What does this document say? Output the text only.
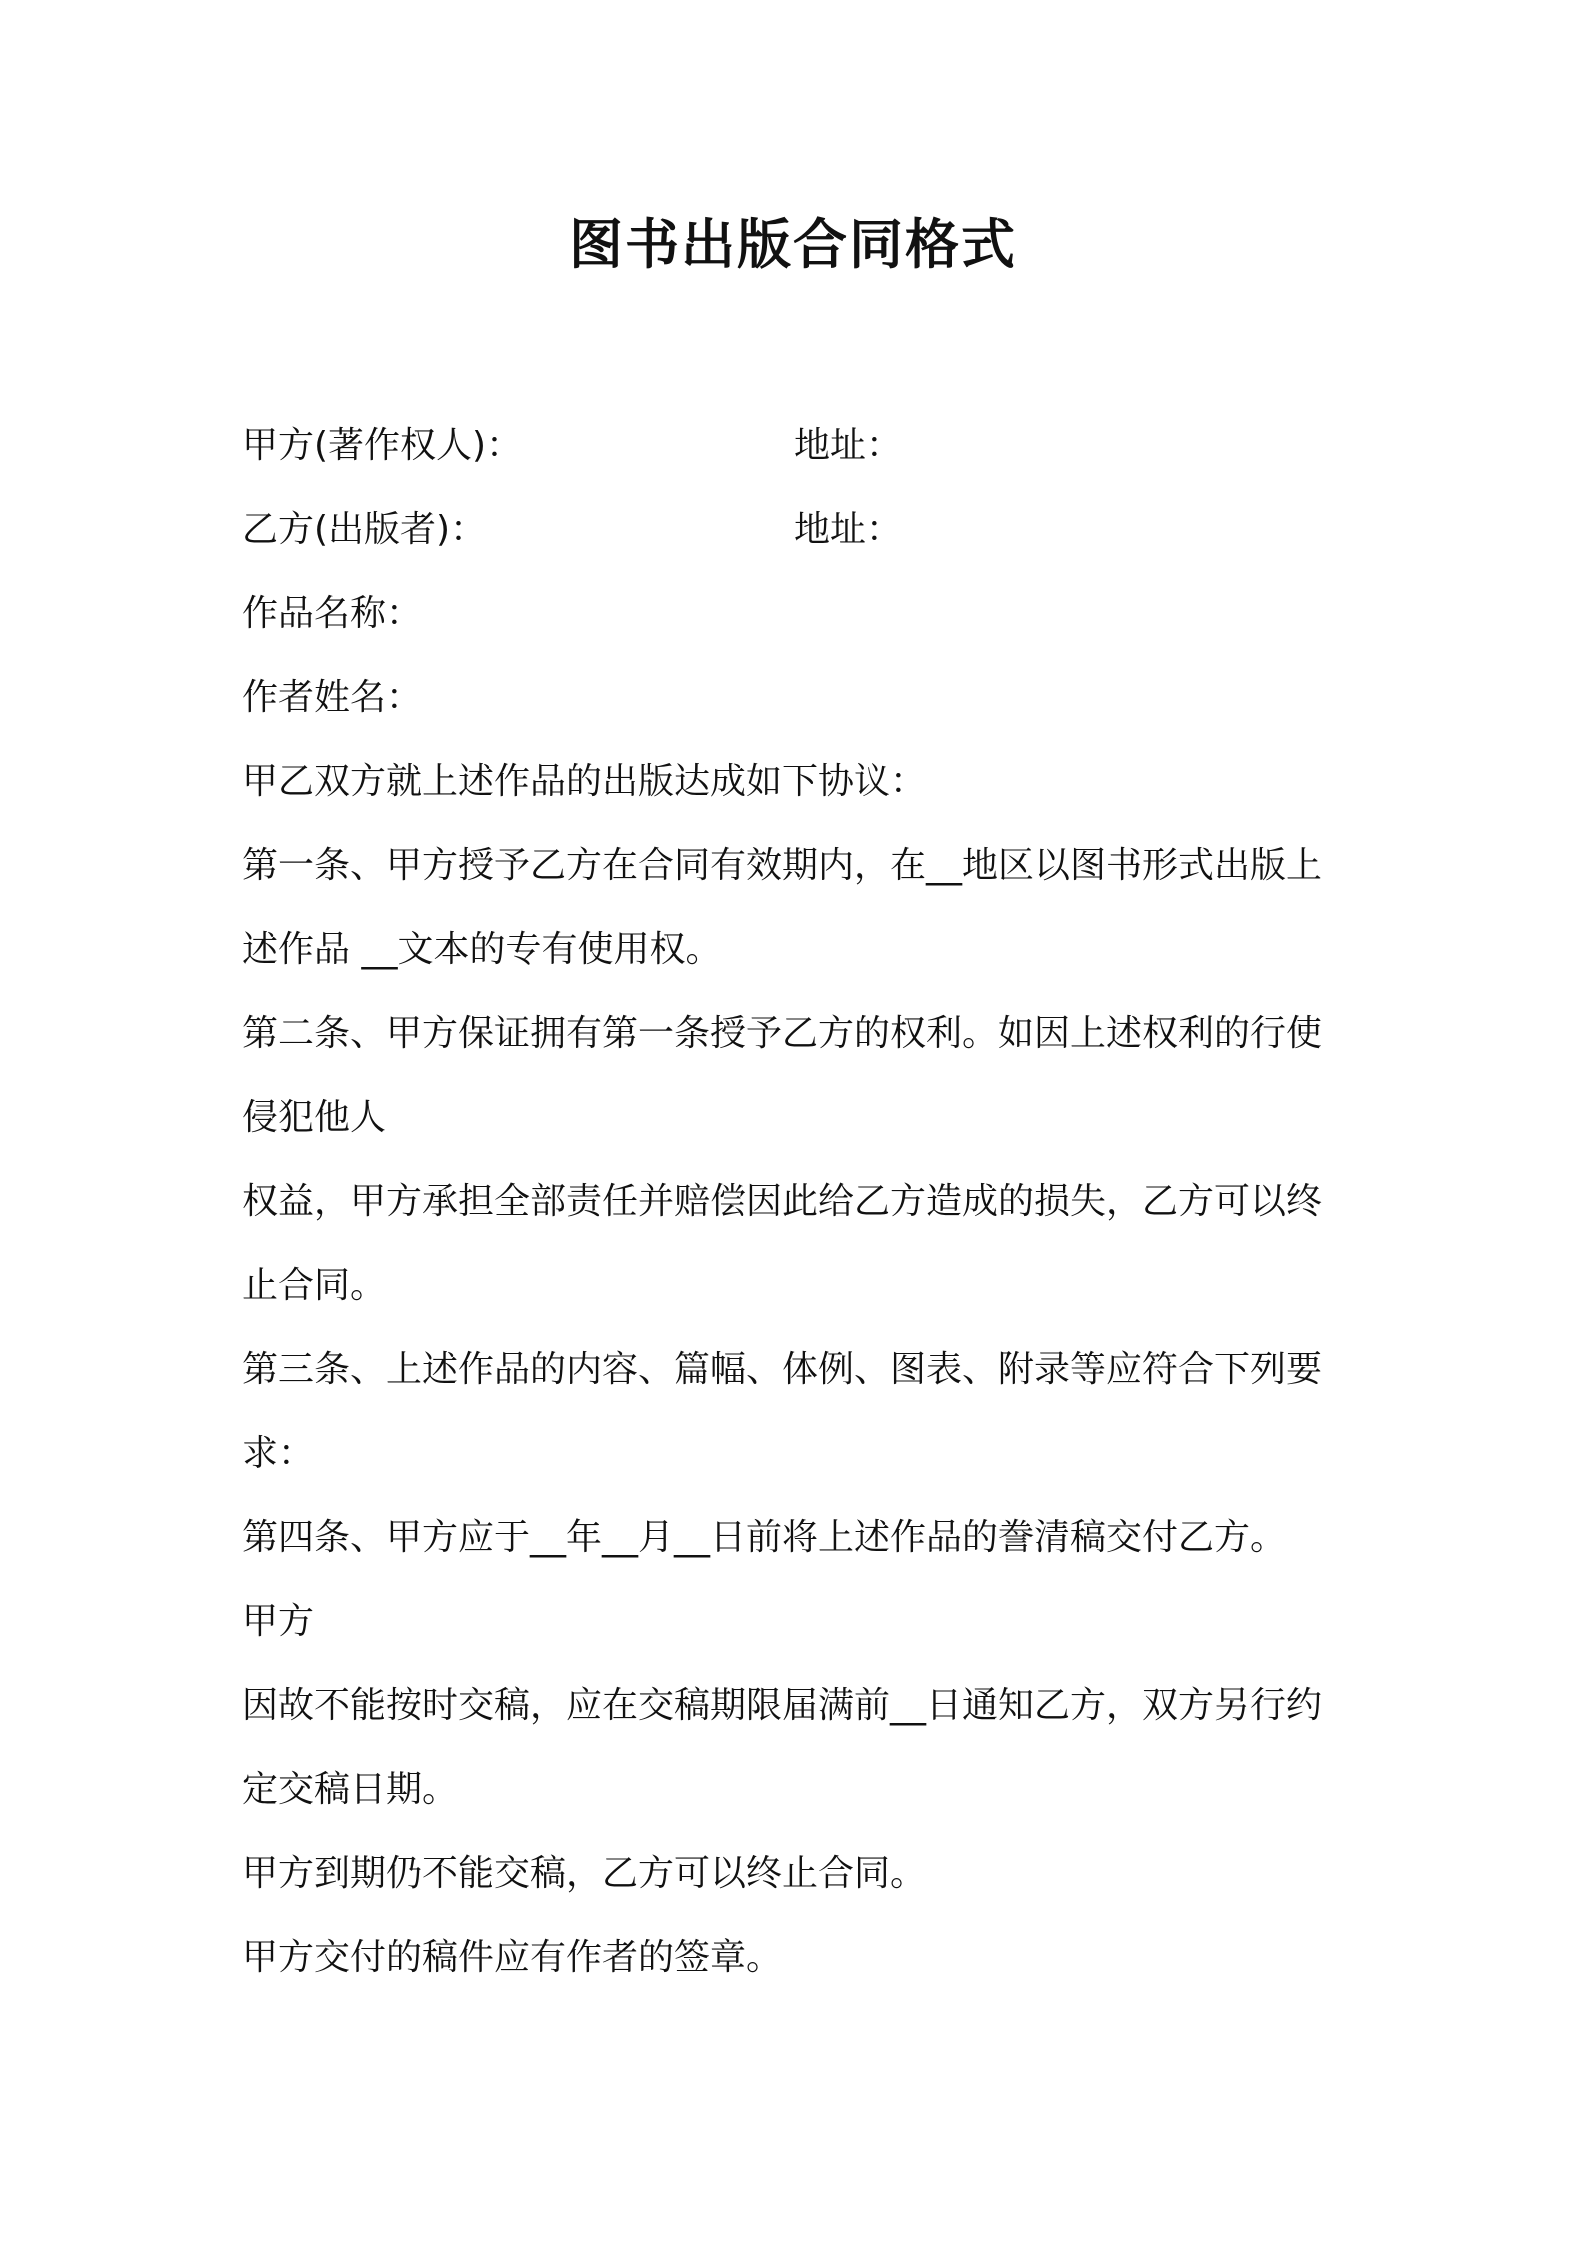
图书出版合同格式
甲方(著作权人)：	地址：
乙方(出版者)：	地址：
作品名称：
作者姓名：
甲乙双方就上述作品的出版达成如下协议：
第一条、甲方授予乙方在合同有效期内，在__地区以图书形式出版上
述作品 __文本的专有使用权。
第二条、甲方保证拥有第一条授予乙方的权利。如因上述权利的行使
侵犯他人
权益，甲方承担全部责任并赔偿因此给乙方造成的损失，乙方可以终
止合同。
第三条、上述作品的内容、篇幅、体例、图表、附录等应符合下列要
求：
第四条、甲方应于__年__月__日前将上述作品的誊清稿交付乙方。
甲方
因故不能按时交稿，应在交稿期限届满前__日通知乙方，双方另行约
定交稿日期。
甲方到期仍不能交稿，乙方可以终止合同。
甲方交付的稿件应有作者的签章。
